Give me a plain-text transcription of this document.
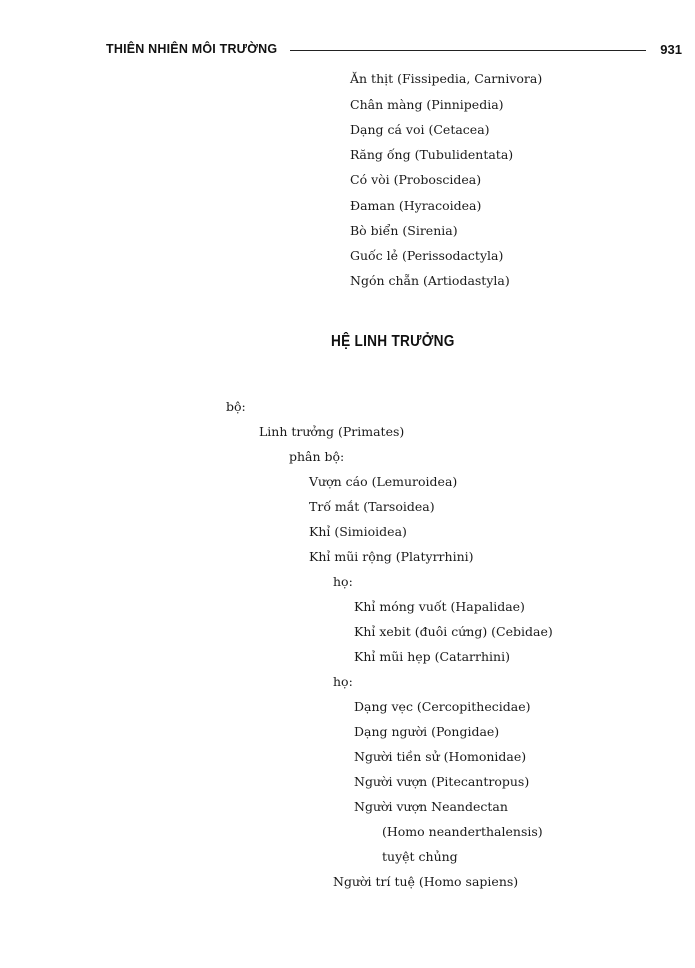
THIÊN NHIÊN MÔI TRƯỜNG	931
Ăn thịt (Fissipedia, Carnivora)
Chân màng (Pinnipedia)
Dạng cá voi (Cetacea)
Răng ống (Tubulidentata)
Có vòi (Proboscidea)
Đaman (Hyracoidea)
Bò biển (Sirenia)
Guốc lẻ (Perissodactyla)
Ngón chẵn (Artiodastyla)
HỆ LINH TRƯỞNG
bộ:
Linh trưởng (Primates)
phân bộ:
Vượn cáo (Lemuroidea)
Trố mắt (Tarsoidea)
Khỉ (Simioidea)
Khỉ mũi rộng (Platyrrhini)
họ:
Khỉ móng vuốt (Hapalidae)
Khỉ xebit (đuôi cứng) (Cebidae)
Khỉ mũi hẹp (Catarrhini)
họ:
Dạng vẹc (Cercopithecidae)
Dạng người (Pongidae)
Người tiền sử (Homonidae)
Người vượn (Pitecantropus)
Người vượn Neandectan
(Homo neanderthalensis)
tuyệt chủng
Người trí tuệ (Homo sapiens)
